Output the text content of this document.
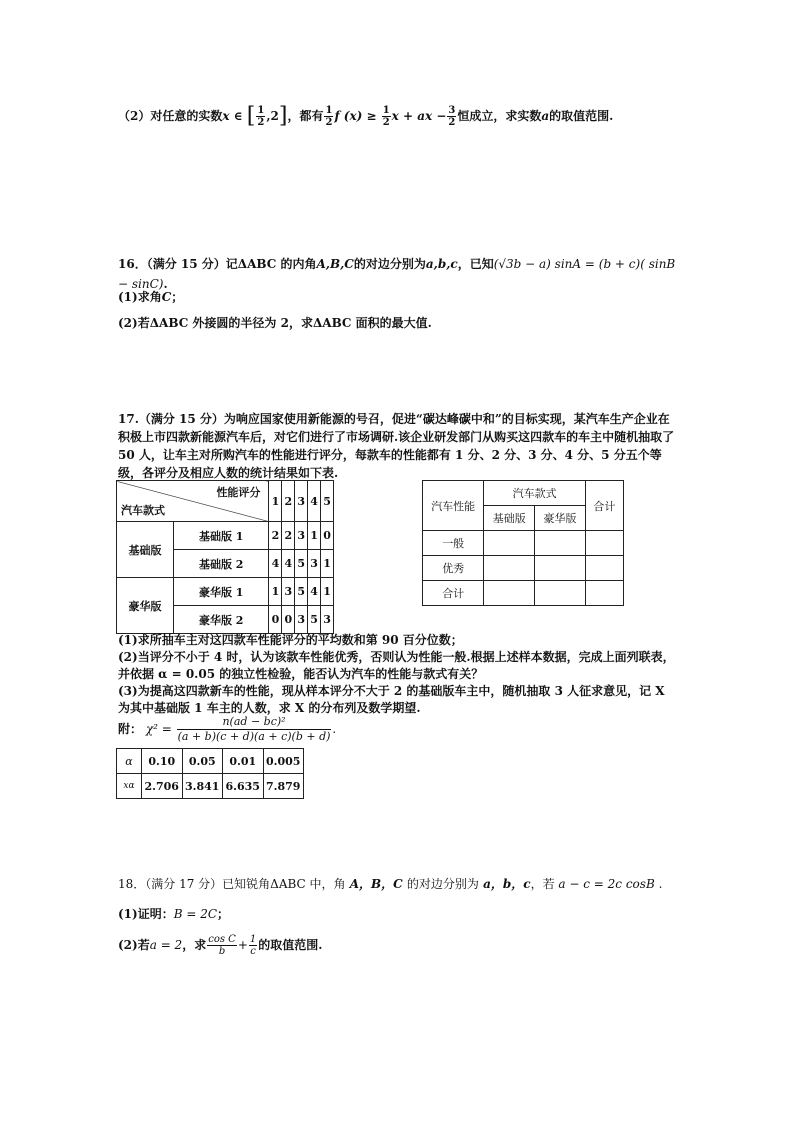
（2）对任意的实数x ∈ [ $\frac{1}{2} ,2$]，都有 $\frac{1}{2}$ f $(x) \ge \frac{1}{2}$ x + ax − $\frac{3}{2}$ 恒成立，求实数a的取值范围.
16．（满分 15 分）记ΔABC 的内角A,B,C的对边分别为a,b,c，已知(√3b − a) sinA = (b + c)( sinB − sinC).
(1)求角C；
(2)若ΔABC 外接圆的半径为 2，求ΔABC 面积的最大值.
17.（满分 15 分）为响应国家使用新能源的号召，促进“碳达峰碳中和”的目标实现，某汽车生产企业在积极上市四款新能源汽车后，对它们进行了市场调研.该企业研发部门从购买这四款车的车主中随机抽取了 50 人，让车主对所购汽车的性能进行评分，每款车的性能都有 1 分、2 分、3 分、4 分、5 分五个等级，各评分及相应人数的统计结果如下表.
性能评分
汽车款式		1	2	3	4	5
基础版	基础版 1	2	2	3	1	0
	基础版 2	4	4	5	3	1
豪华版	豪华版 1	1	3	5	4	1
	豪华版 2	0	0	3	5	3
汽车性能	汽车款式		合计
	基础版	豪华版	
一般			
优秀			
合计			
(1)求所抽车主对这四款车性能评分的平均数和第 90 百分位数；
(2)当评分不小于 4 时，认为该款车性能优秀，否则认为性能一般.根据上述样本数据，完成上面列联表，并依据 α = 0.05 的独立性检验，能否认为汽车的性能与款式有关？
(3)为提高这四款新车的性能，现从样本评分不大于 2 的基础版车主中，随机抽取 3 人征求意见，记 X 为其中基础版 1 车主的人数，求 X 的分布列及数学期望.
附： $\chi^2 = \frac{\text{n(ad − bc)²}}{(a + b)(c + d)(a + c)(b + d)}$ .
α	0.10	0.05	0.01	0.005
xα	2.706	3.841	6.635	7.879
18．（满分 17 分）已知锐角ΔABC 中，角 A，B，C 的对边分别为 a，b，c，若 a − c = 2c cosB .
(1)证明：B = 2C；
(2)若a = 2，求 $\frac{\text{cos C}}{b} + \frac{1}{c}$ 的取值范围.
